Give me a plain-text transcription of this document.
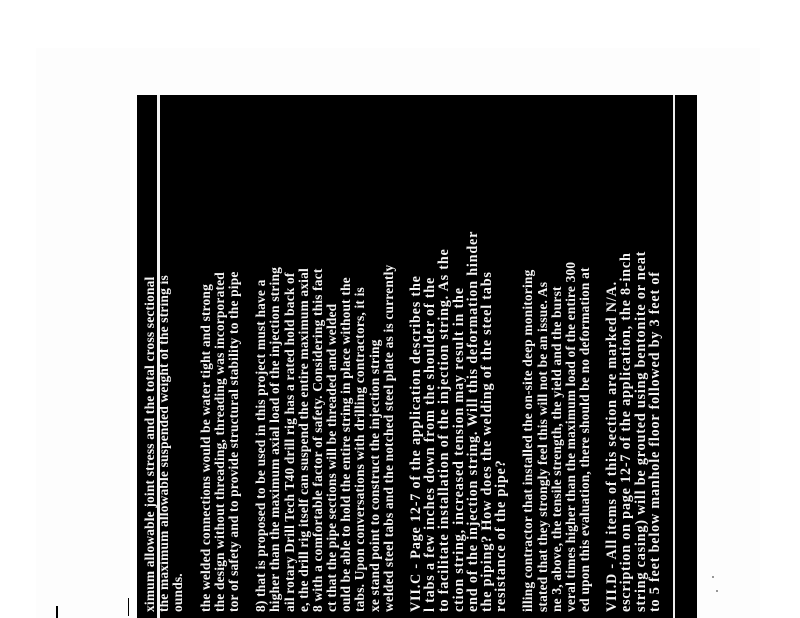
ximum allowable joint stress and the total cross sectional the maximum allowable suspended weight of the string is ounds. the welded connections would be water tight and strong the design without threading, threading was incorporated tor of safety and to provide structural stability to the pipe 8) that is proposed to be used in this project must have a higher than the maximum axial load of the injection string ail rotary Drill Tech T40 drill rig has a rated hold back of e, the drill rig itself can suspend the entire maximum axial 8 with a comfortable factor of safety. Considering this fact ct that the pipe sections will be threaded and welded ould be able to hold the entire string in place without the tabs. Upon conversations with drilling contractors, it is xe stand point to construct the injection string welded steel tabs and the notched steel plate as is currently VII.C - Page 12-7 of the application describes the
l tabs a few inches down from the shoulder of the
to facilitate installation of the injection string. As the
ction string, increased tension may result in the
end of the injection string. Will this deformation hinder
the piping? How does the welding of the steel tabs
resistance of the pipe? illing contractor that installed the on-site deep monitoring stated that they strongly feel this will not be an issue. As ne 3, above, the tensile strength, the yield and the burst veral times higher than the maximum load of the entire 300 ed upon this evaluation, there should be no deformation at VII.D - All items of this section are marked N/A.
escription on page 12-7 of the application, the 8-inch
string casing) will be grouted using bentonite or neat
to 5 feet below manhole floor followed by 3 feet of
